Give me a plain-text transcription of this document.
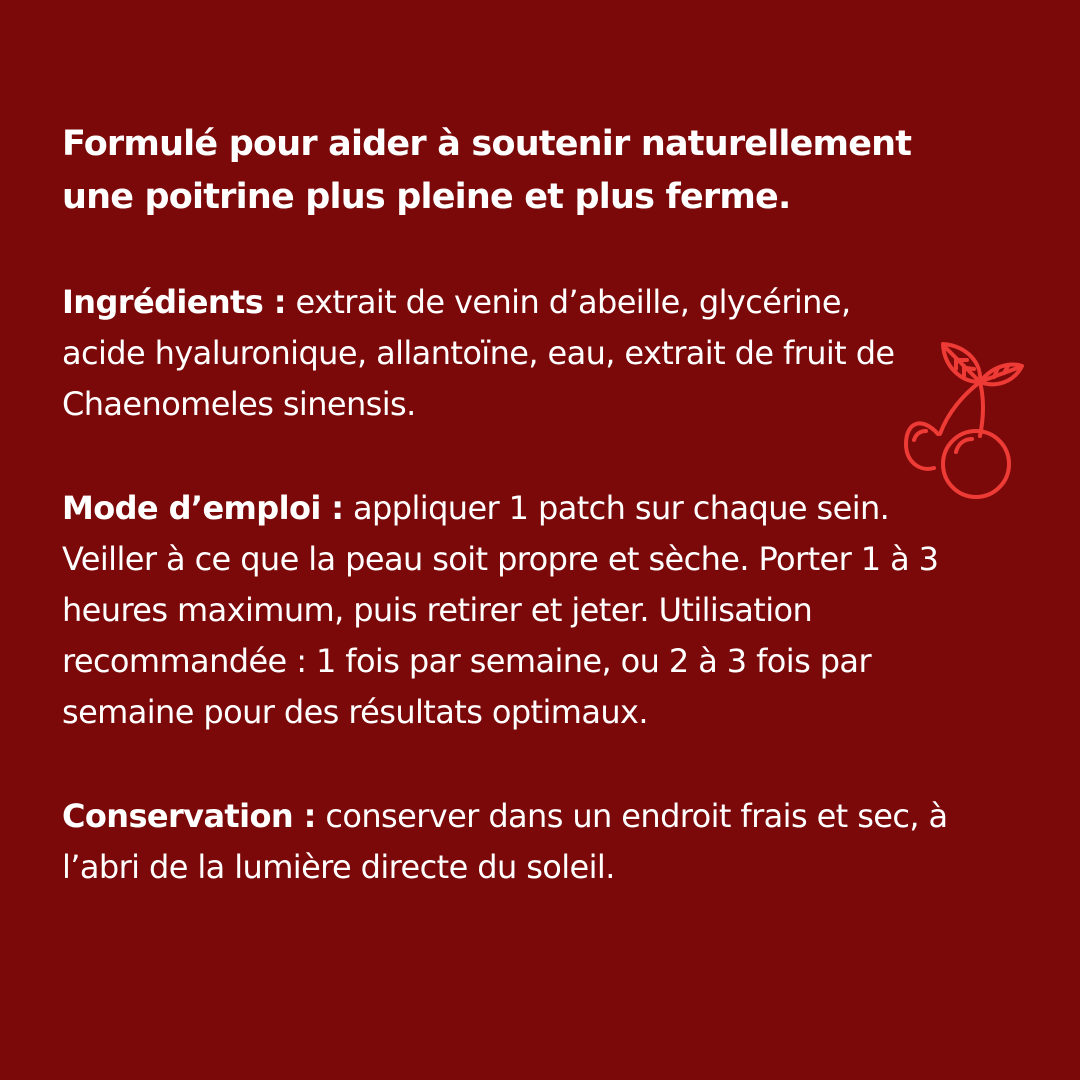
Formulé pour aider à soutenir naturellement
une poitrine plus pleine et plus ferme.

Ingrédients : extrait de venin d’abeille, glycérine, acide hyaluronique, allantoïne, eau, extrait de fruit de Chaenomeles sinensis.

Mode d’emploi : appliquer 1 patch sur chaque sein. Veiller à ce que la peau soit propre et sèche. Porter 1 à 3 heures maximum, puis retirer et jeter. Utilisation recommandée : 1 fois par semaine, ou 2 à 3 fois par semaine pour des résultats optimaux.

Conservation : conserver dans un endroit frais et sec, à l’abri de la lumière directe du soleil.
